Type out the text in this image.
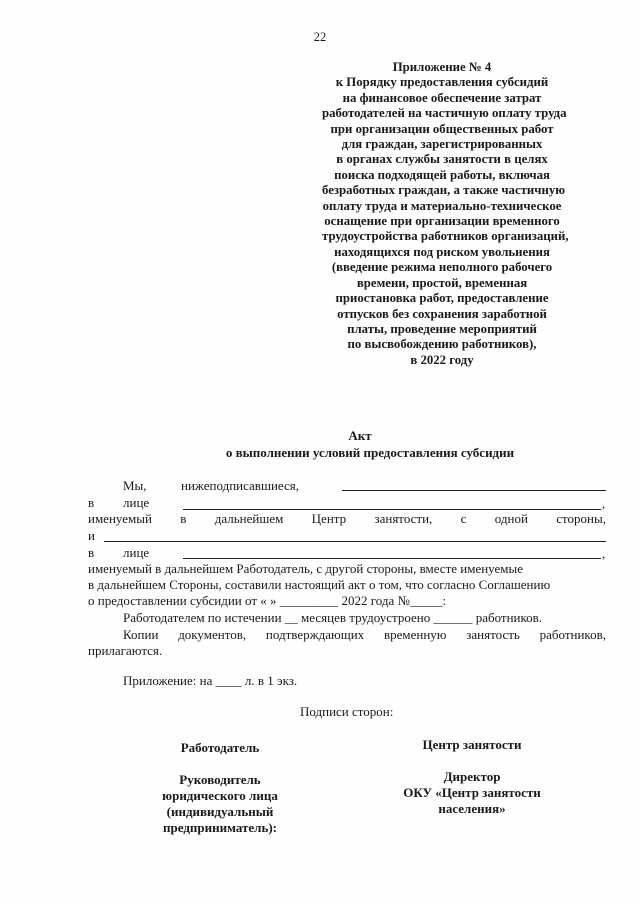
22
Приложение № 4
к Порядку предоставления субсидий
на финансовое обеспечение затрат
работодателей на частичную оплату труда
при организации общественных работ
для граждан, зарегистрированных
в органах службы занятости в целях
поиска подходящей работы, включая
безработных граждан, а также частичную
оплату труда и материально-техническое
оснащение при организации временного
трудоустройства работников организаций,
находящихся под риском увольнения
(введение режима неполного рабочего
времени, простой, временная
приостановка работ, предоставление
отпусков без сохранения заработной
платы, проведение мероприятий
по высвобождению работников),
в 2022 году
Акт
о выполнении условий предоставления субсидии
Мы,	нижеподписавшиеся,
в лице	,
именуемый в дальнейшем Центр занятости, с одной стороны,
и
в лице	,
именуемый в дальнейшем Работодатель, с другой стороны, вместе именуемые
в дальнейшем Стороны, составили настоящий акт о том, что согласно Соглашению
о предоставлении субсидии от « » _________ 2022 года №_____:
Работодателем по истечении __ месяцев трудоустроено ______ работников.
Копии документов, подтверждающих временную занятость работников,
прилагаются.
Приложение: на ____ л. в 1 экз.
Подписи сторон:
Работодатель
Руководитель
юридического лица
(индивидуальный
предприниматель):
Центр занятости
Директор
ОКУ «Центр занятости
населения»
